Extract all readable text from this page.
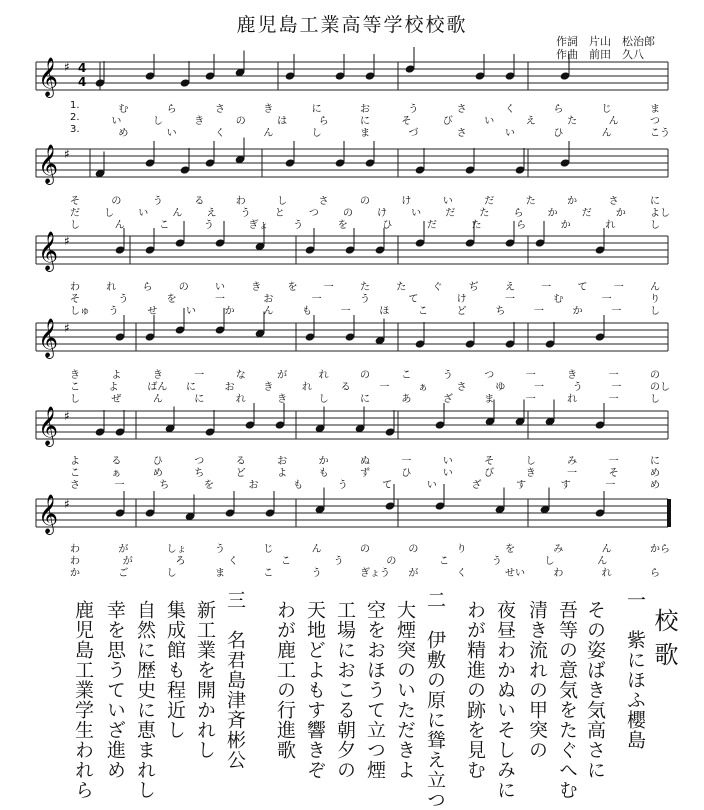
鹿児島工業高等学校校歌
作詞　片山　松治郎
作曲　前田　久八
𝄞 ♯
𝄞 ♯
𝄞 ♯
𝄞 ♯
𝄞 ♯
𝄞 ♯
4
4
1.	む	ら	さ	き	に	お	う	さ	く	ら	じ	ま
2.	い	し	き	の	は	ら	に	そ	び	い	え	た	ん	つ
3.	め	い	く	ん	し	ま	づ	さ	い	ひ	ん	こう
そ	の	う	る	わ	し	さ	の	け	い	だ	た	か	さ	に
だ し い ん え う と つ の け い だ た ら か だ か よし
し	ん	こ	う	ぎょ う	を	ひ	だ	た	ら	か	れ	し
わ	れ	ら	の	い	き	を	一	た	た	ぐ	ぢ	え	一	て	一	ん
そ	う	を	一	お	一	う	て	け	一	む	一	り
しゅ う	せ	い	か	ん	も	一	ほ	こ	ど	ち	一	か	一	し
き	よ	き	一	な	が	れ	の	こ	う	つ	一	き	一	の
こ	よ	ばん に	お	き	れ	る	一	ぁ	さ	ゆ	一	う	一	のし
し	ぜ	ん	に	れ	き	し	に	あ	ざ	ま	一	れ	一	し
よ	る	ひ	つ	る	お	か	ぬ	一	い	そ	し	み	一	に
こ	ぁ	め	ち	ど	よ	も	ず	ひ	い	び	き	一	そ	め
さ	一	ち	を	お	も	う	て	い	ざ	す	す	一	め
わ	が	しょ	う	じ	ん	の	の	り	を	み	ん	から
わ	が	ろ	く	こ	う	の	こ	う	し	ん
か	ご	し	ま	こ	う	ぎょう が	く	せい	わ	れ	ら
校歌
一　紫にほふ櫻島
その姿ばき気高さに
吾等の意気をたぐへむ
清き流れの甲突の
夜昼わかぬいそしみに
わが精進の跡を見む
二　伊敷の原に聳え立つ
大煙突のいただきよ
空をおほうて立つ煙
工場におこる朝夕の
天地どよもす響きぞ
わが鹿工の行進歌
三　名君島津斉彬公
新工業を開かれし
集成館も程近し
自然に歴史に恵まれし
幸を思うていざ進め
鹿児島工業学生われら
